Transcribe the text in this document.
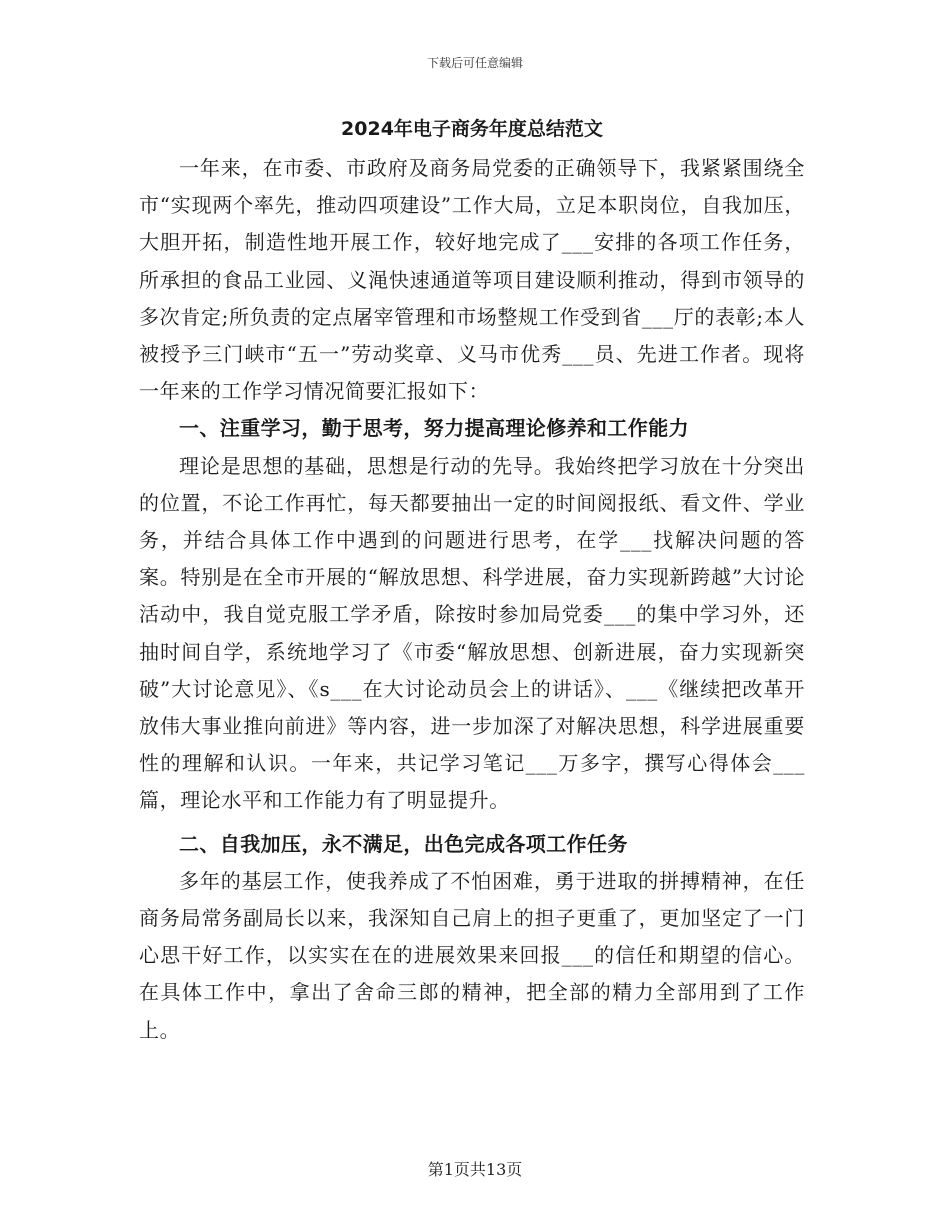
下载后可任意编辑
2024年电子商务年度总结范文

一年来，在市委、市政府及商务局党委的正确领导下，我紧紧围绕全市“实现两个率先，推动四项建设”工作大局，立足本职岗位，自我加压，大胆开拓，制造性地开展工作，较好地完成了___安排的各项工作任务，所承担的食品工业园、义渑快速通道等项目建设顺利推动，得到市领导的多次肯定;所负责的定点屠宰管理和市场整规工作受到省___厅的表彰;本人被授予三门峡市“五一”劳动奖章、义马市优秀___员、先进工作者。现将一年来的工作学习情况简要汇报如下：

一、注重学习，勤于思考，努力提高理论修养和工作能力

理论是思想的基础，思想是行动的先导。我始终把学习放在十分突出的位置，不论工作再忙，每天都要抽出一定的时间阅报纸、看文件、学业务，并结合具体工作中遇到的问题进行思考，在学___找解决问题的答案。特别是在全市开展的“解放思想、科学进展，奋力实现新跨越”大讨论活动中，我自觉克服工学矛盾，除按时参加局党委___的集中学习外，还抽时间自学，系统地学习了《市委“解放思想、创新进展，奋力实现新突破”大讨论意见》、《s___在大讨论动员会上的讲话》、___《继续把改革开放伟大事业推向前进》等内容，进一步加深了对解决思想，科学进展重要性的理解和认识。一年来，共记学习笔记___万多字，撰写心得体会___篇，理论水平和工作能力有了明显提升。

二、自我加压，永不满足，出色完成各项工作任务

多年的基层工作，使我养成了不怕困难，勇于进取的拼搏精神，在任商务局常务副局长以来，我深知自己肩上的担子更重了，更加坚定了一门心思干好工作，以实实在在的进展效果来回报___的信任和期望的信心。在具体工作中，拿出了舍命三郎的精神，把全部的精力全部用到了工作上。

第1页共13页
